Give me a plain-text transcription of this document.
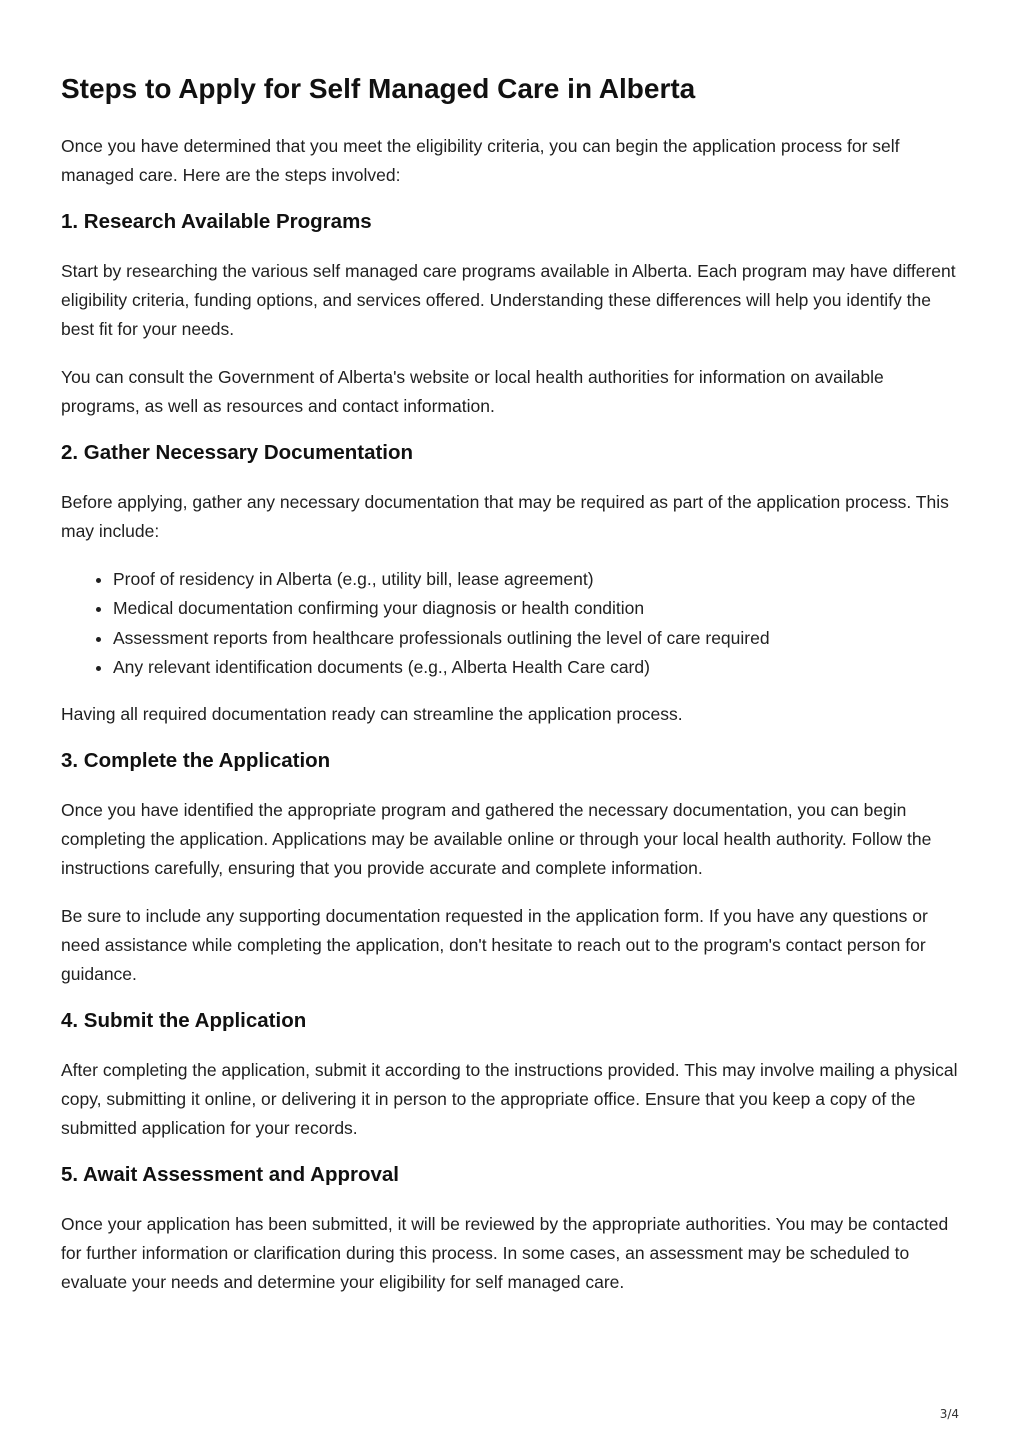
Steps to Apply for Self Managed Care in Alberta

Once you have determined that you meet the eligibility criteria, you can begin the application process for self managed care. Here are the steps involved:

1. Research Available Programs

Start by researching the various self managed care programs available in Alberta. Each program may have different eligibility criteria, funding options, and services offered. Understanding these differences will help you identify the best fit for your needs.

You can consult the Government of Alberta's website or local health authorities for information on available programs, as well as resources and contact information.

2. Gather Necessary Documentation

Before applying, gather any necessary documentation that may be required as part of the application process. This may include:

• Proof of residency in Alberta (e.g., utility bill, lease agreement)
• Medical documentation confirming your diagnosis or health condition
• Assessment reports from healthcare professionals outlining the level of care required
• Any relevant identification documents (e.g., Alberta Health Care card)

Having all required documentation ready can streamline the application process.

3. Complete the Application

Once you have identified the appropriate program and gathered the necessary documentation, you can begin completing the application. Applications may be available online or through your local health authority. Follow the instructions carefully, ensuring that you provide accurate and complete information.

Be sure to include any supporting documentation requested in the application form. If you have any questions or need assistance while completing the application, don't hesitate to reach out to the program's contact person for guidance.

4. Submit the Application

After completing the application, submit it according to the instructions provided. This may involve mailing a physical copy, submitting it online, or delivering it in person to the appropriate office. Ensure that you keep a copy of the submitted application for your records.

5. Await Assessment and Approval

Once your application has been submitted, it will be reviewed by the appropriate authorities. You may be contacted for further information or clarification during this process. In some cases, an assessment may be scheduled to evaluate your needs and determine your eligibility for self managed care.

3/4
